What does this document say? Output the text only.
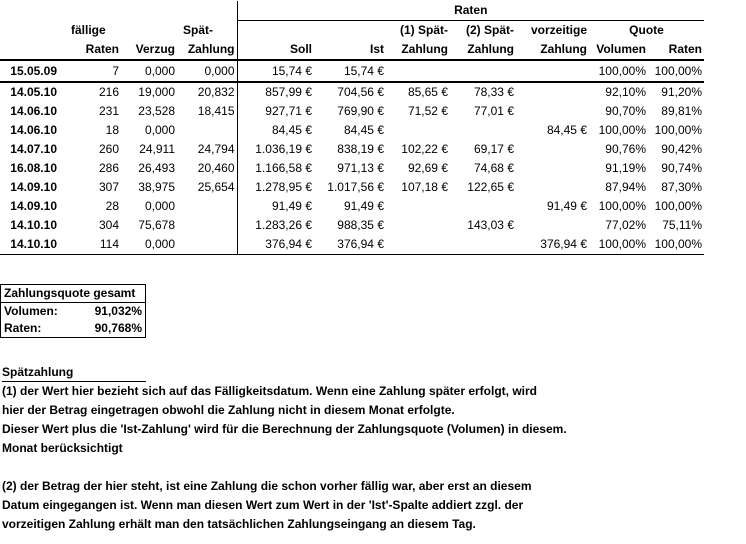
				Raten						
	fällige		Spät-			(1) Spät-	(2) Spät-	vorzeitige	Quote	
	Raten	Verzug	Zahlung	Soll	Ist	Zahlung	Zahlung	Zahlung	Volumen	Raten
15.05.09	7	0,000	0,000	15,74 €	15,74 €				100,00%	100,00%
14.05.10	216	19,000	20,832	857,99 €	704,56 €	85,65 €	78,33 €		92,10%	91,20%
14.06.10	231	23,528	18,415	927,71 €	769,90 €	71,52 €	77,01 €		90,70%	89,81%
14.06.10	18	0,000		84,45 €	84,45 €			84,45 €	100,00%	100,00%
14.07.10	260	24,911	24,794	1.036,19 €	838,19 €	102,22 €	69,17 €		90,76%	90,42%
16.08.10	286	26,493	20,460	1.166,58 €	971,13 €	92,69 €	74,68 €		91,19%	90,74%
14.09.10	307	38,975	25,654	1.278,95 €	1.017,56 €	107,18 €	122,65 €		87,94%	87,30%
14.09.10	28	0,000		91,49 €	91,49 €			91,49 €	100,00%	100,00%
14.10.10	304	75,678		1.283,26 €	988,35 €		143,03 €		77,02%	75,11%
14.10.10	114	0,000		376,94 €	376,94 €			376,94 €	100,00%	100,00%
Zahlungsquote gesamt	
Volumen:	91,032%
Raten:	90,768%
Spätzahlung
(1) der Wert hier bezieht sich auf das Fälligkeitsdatum. Wenn eine Zahlung später erfolgt, wird
hier der Betrag eingetragen obwohl die Zahlung nicht in diesem Monat erfolgte.
Dieser Wert plus die 'Ist-Zahlung' wird für die Berechnung der Zahlungsquote (Volumen) in diesem.
Monat berücksichtigt
(2) der Betrag der hier steht, ist eine Zahlung die schon vorher fällig war, aber erst an diesem
Datum eingegangen ist. Wenn man diesen Wert zum Wert in der 'Ist'-Spalte addiert zzgl. der
vorzeitigen Zahlung erhält man den tatsächlichen Zahlungseingang an diesem Tag.
